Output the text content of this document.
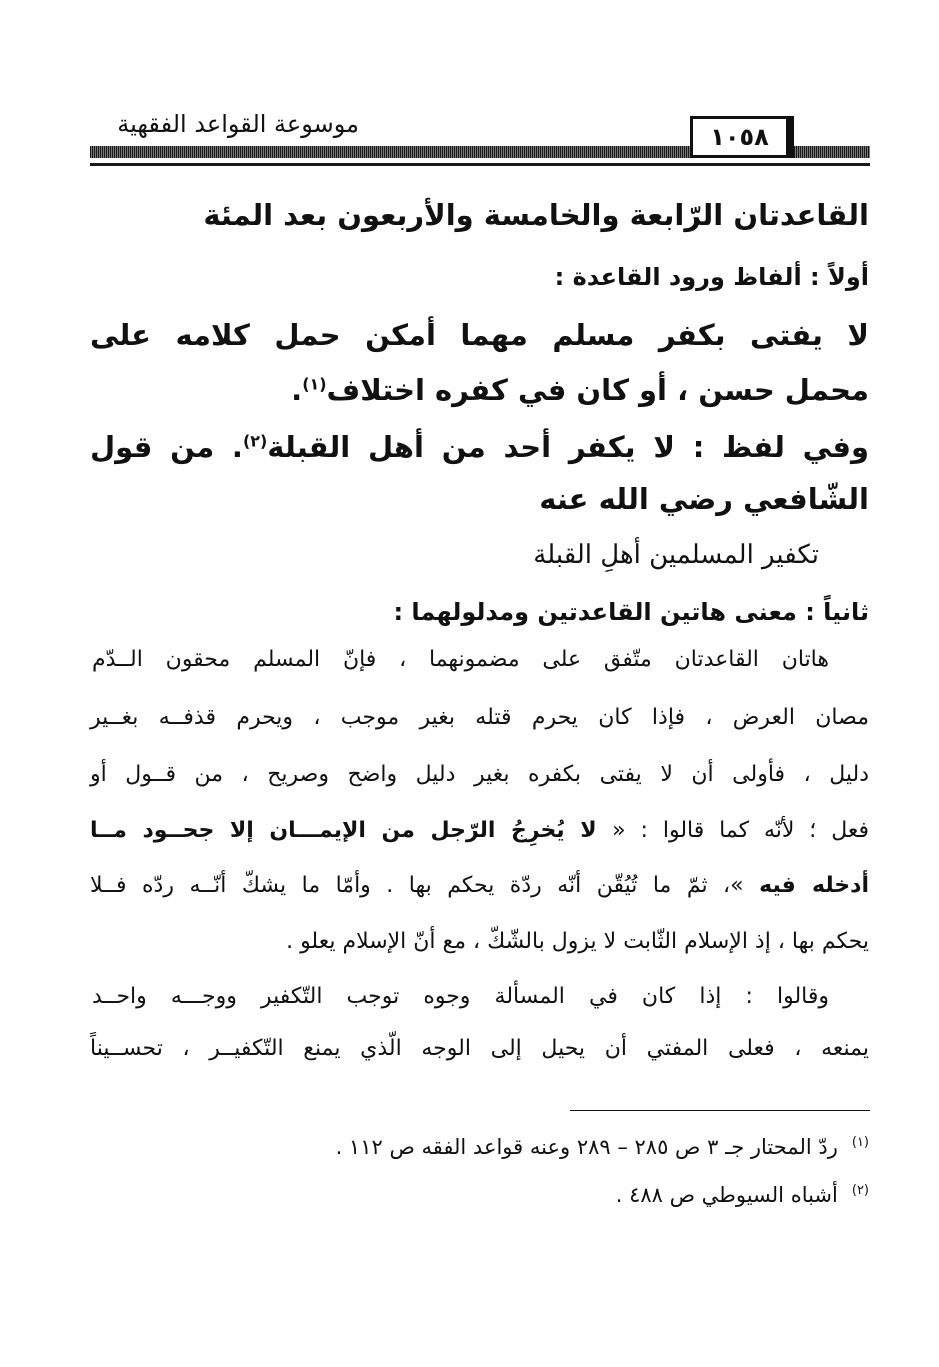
١٠٥٨
موسوعة القواعد الفقهية
القاعدتان الرّابعة والخامسة والأربعون بعد المئة
أولاً : ألفاظ ورود القاعدة :
لا يفتى بكفر مسلم مهما أمكن حمل كلامه على
محمل حسن ، أو كان في كفره اختلاف$^{(١)}$.
وفي لفظ : لا يكفر أحد من أهل القبلة$^{(٢)}$. من قول
الشّافعي رضي الله عنه
تكفير المسلمين أهلِ القبلة
ثانياً : معنى هاتين القاعدتين ومدلولهما :
هاتان القاعدتان متّفق على مضمونهما ، فإنّ المسلم محقون الــدّم
مصان العرض ، فإذا كان يحرم قتله بغير موجب ، ويحرم قذفــه بغــير
دليل ، فأولى أن لا يفتى بكفره بغير دليل واضح وصريح ، من قــول أو
فعل ؛ لأنّه كما قالوا : « لا يُخرِجُ الرّجل من الإيمـــان إلا جحــود مــا
أدخله فيه »، ثمّ ما تُيُقّن أنّه ردّة يحكم بها . وأمّا ما يشكّ أنّــه ردّه فــلا
يحكم بها ، إذ الإسلام الثّابت لا يزول بالشّكّ ، مع أنّ الإسلام يعلو .
وقالوا : إذا كان في المسألة وجوه توجب التّكفير ووجـــه واحــد
يمنعه ، فعلى المفتي أن يحيل إلى الوجه الّذي يمنع التّكفيــر ، تحســيناً
$^{(١)}$ردّ المحتار جـ ٣ ص ٢٨٥ – ٢٨٩ وعنه قواعد الفقه ص ١١٢ .
$^{(٢)}$أشباه السيوطي ص ٤٨٨ .
